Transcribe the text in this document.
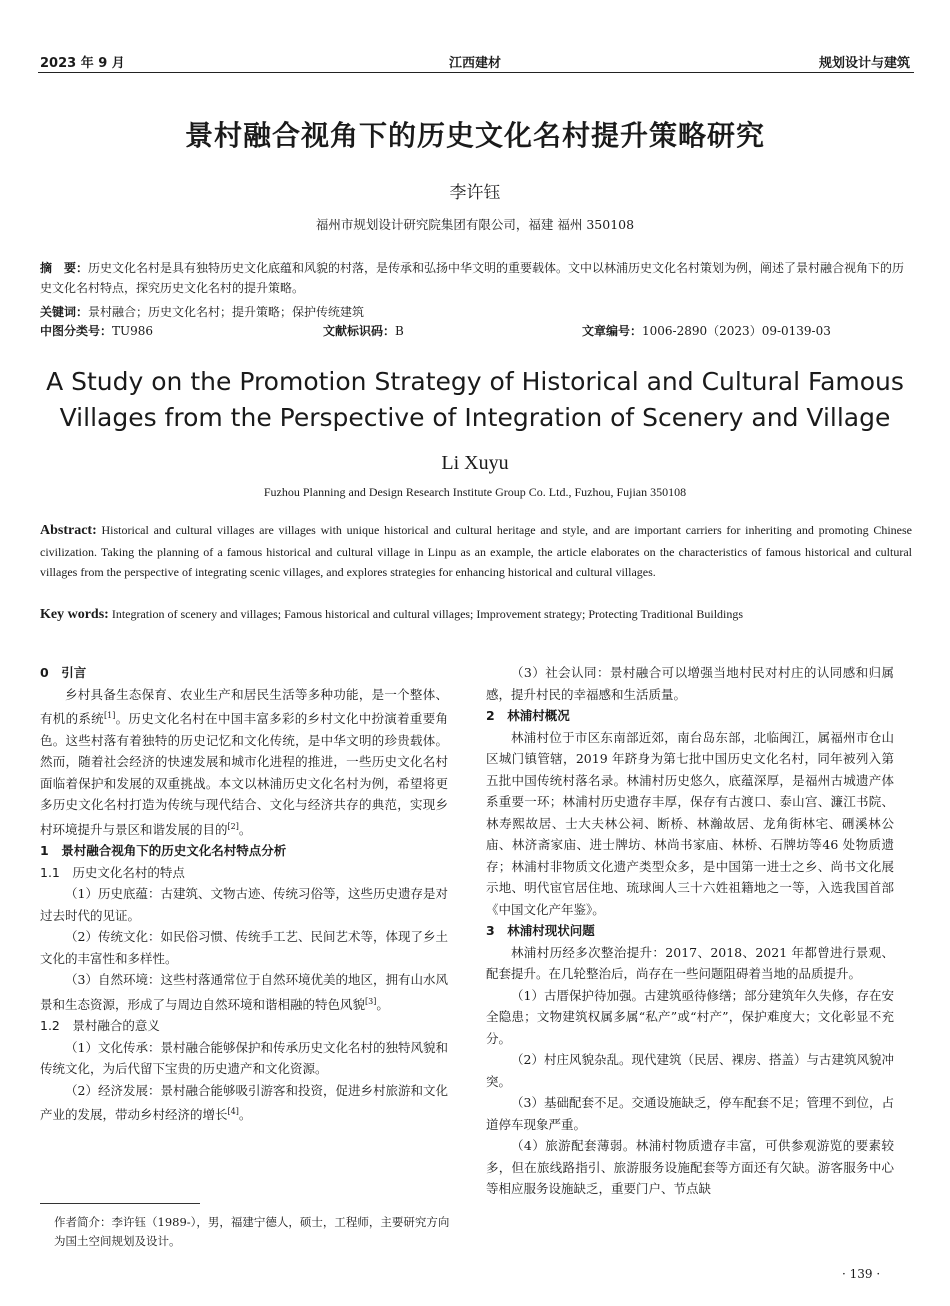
2023 年 9 月	江西建材	规划设计与建筑
景村融合视角下的历史文化名村提升策略研究
李许钰
福州市规划设计研究院集团有限公司，福建 福州 350108
摘　要：历史文化名村是具有独特历史文化底蕴和风貌的村落，是传承和弘扬中华文明的重要载体。文中以林浦历史文化名村策划为例，阐述了景村融合视角下的历史文化名村特点，探究历史文化名村的提升策略。
关键词：景村融合；历史文化名村；提升策略；保护传统建筑
中图分类号：TU986	文献标识码：B	文章编号：1006-2890（2023）09-0139-03
A Study on the Promotion Strategy of Historical and Cultural Famous
Villages from the Perspective of Integration of Scenery and Village
Li Xuyu
Fuzhou Planning and Design Research Institute Group Co. Ltd., Fuzhou, Fujian 350108
Abstract: Historical and cultural villages are villages with unique historical and cultural heritage and style, and are important carriers for inheriting and promoting Chinese civilization. Taking the planning of a famous historical and cultural village in Linpu as an example, the article elaborates on the characteristics of famous historical and cultural villages from the perspective of integrating scenic villages, and explores strategies for enhancing historical and cultural villages.
Key words: Integration of scenery and villages; Famous historical and cultural villages; Improvement strategy; Protecting Traditional Buildings

0　引言

乡村具备生态保育、农业生产和居民生活等多种功能，是一个整体、有机的系统[1]。历史文化名村在中国丰富多彩的乡村文化中扮演着重要角色。这些村落有着独特的历史记忆和文化传统，是中华文明的珍贵载体。然而，随着社会经济的快速发展和城市化进程的推进，一些历史文化名村面临着保护和发展的双重挑战。本文以林浦历史文化名村为例，希望将更多历史文化名村打造为传统与现代结合、文化与经济共存的典范，实现乡村环境提升与景区和谐发展的目的[2]。

1　景村融合视角下的历史文化名村特点分析

1.1　历史文化名村的特点

（1）历史底蕴：古建筑、文物古迹、传统习俗等，这些历史遗存是对过去时代的见证。

（2）传统文化：如民俗习惯、传统手工艺、民间艺术等，体现了乡土文化的丰富性和多样性。

（3）自然环境：这些村落通常位于自然环境优美的地区，拥有山水风景和生态资源，形成了与周边自然环境和谐相融的特色风貌[3]。

1.2　景村融合的意义

（1）文化传承：景村融合能够保护和传承历史文化名村的独特风貌和传统文化，为后代留下宝贵的历史遗产和文化资源。

（2）经济发展：景村融合能够吸引游客和投资，促进乡村旅游和文化产业的发展，带动乡村经济的增长[4]。

（3）社会认同：景村融合可以增强当地村民对村庄的认同感和归属感，提升村民的幸福感和生活质量。

2　林浦村概况

林浦村位于市区东南部近郊，南台岛东部，北临闽江，属福州市仓山区城门镇管辖，2019 年跻身为第七批中国历史文化名村，同年被列入第五批中国传统村落名录。林浦村历史悠久，底蕴深厚，是福州古城遗产体系重要一环；林浦村历史遗存丰厚，保存有古渡口、泰山宫、濂江书院、林寿熙故居、士大夫林公祠、断桥、林瀚故居、龙角街林宅、硎溪林公庙、林济斋家庙、进士牌坊、林尚书家庙、林桥、石牌坊等46 处物质遗存；林浦村非物质文化遗产类型众多，是中国第一进士之乡、尚书文化展示地、明代宦官居住地、琉球闽人三十六姓祖籍地之一等，入选我国首部《中国文化产年鉴》。

3　林浦村现状问题

林浦村历经多次整治提升：2017、2018、2021 年都曾进行景观、配套提升。在几轮整治后，尚存在一些问题阻碍着当地的品质提升。

（1）古厝保护待加强。古建筑亟待修缮；部分建筑年久失修，存在安全隐患；文物建筑权属多属“私产”或“村产”，保护难度大；文化彰显不充分。

（2）村庄风貌杂乱。现代建筑（民居、裸房、搭盖）与古建筑风貌冲突。

（3）基础配套不足。交通设施缺乏，停车配套不足；管理不到位，占道停车现象严重。

（4）旅游配套薄弱。林浦村物质遗存丰富，可供参观游览的要素较多，但在旅线路指引、旅游服务设施配套等方面还有欠缺。游客服务中心等相应服务设施缺乏，重要门户、节点缺

作者简介：李许钰（1989-），男，福建宁德人，硕士，工程师，主要研究方向为国土空间规划及设计。
· 139 ·
